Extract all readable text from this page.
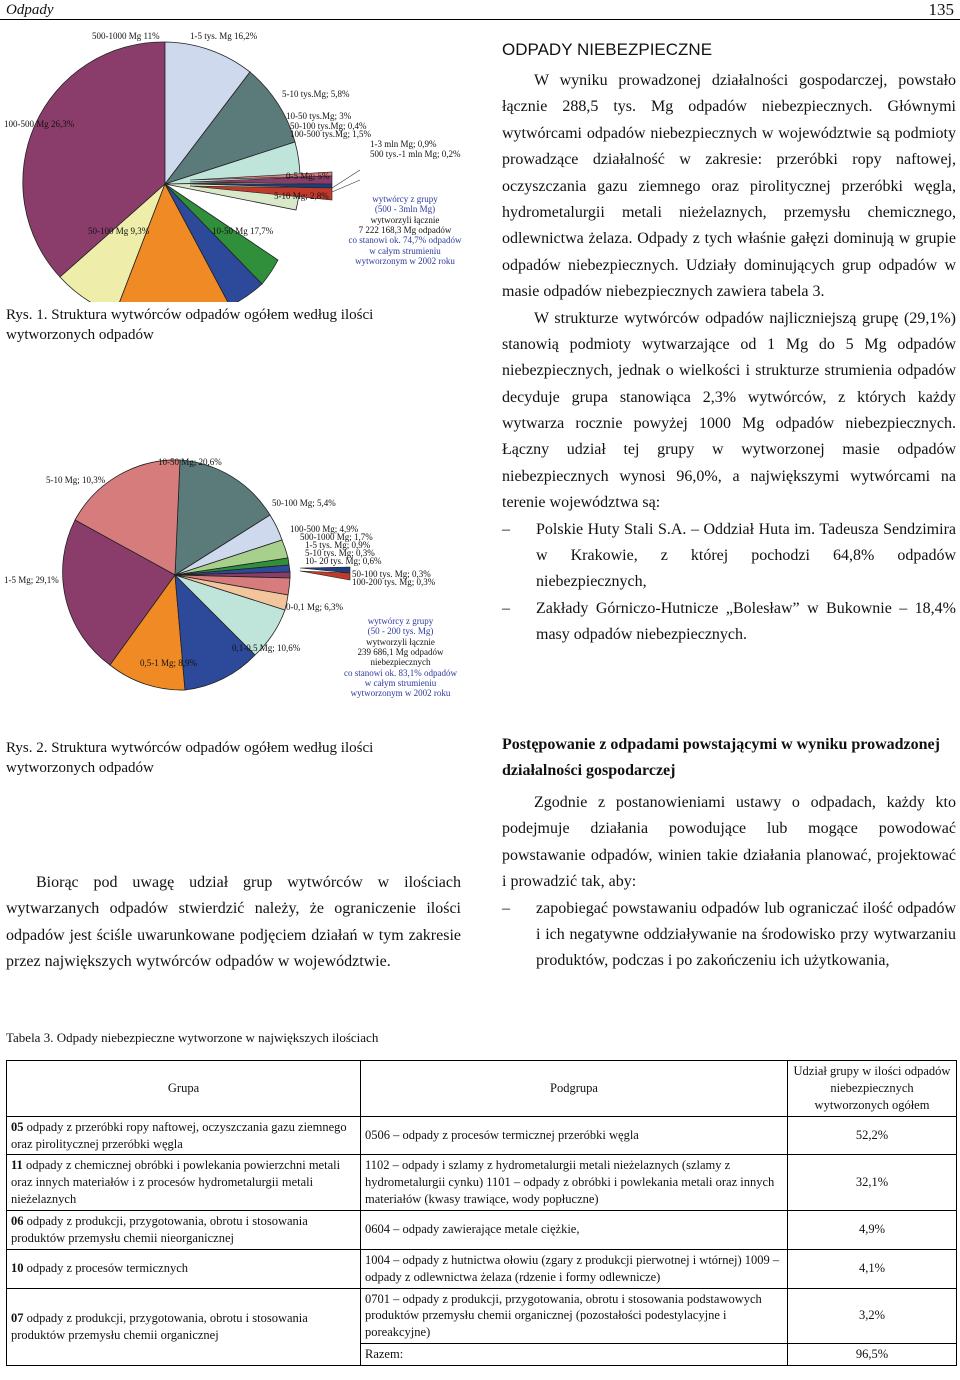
Odpady	135
500-1000 Mg 11%	1-5 tys. Mg 16,2%
100-500 Mg 26,3%
5-10 tys.Mg; 5,8%
10-50 tys.Mg; 3%
50-100 tys.Mg; 0,4%
100-500 tys.Mg; 1,5%
1-3 mln Mg; 0,9%
500 tys.-1 mln Mg; 0,2%
0-5 Mg; 5%
5-10 Mg; 2,8%
50-100 Mg 9,3%	10-50 Mg 17,7%
wytwórcy z grupy
(500 - 3mln Mg)
wytworzyli łącznie
7 222 168,3 Mg odpadów
co stanowi ok. 74,7% odpadów
w całym strumieniu
wytworzonym w 2002 roku
Rys. 1. Struktura wytwórców odpadów ogółem według ilości wytworzonych odpadów
10-50 Mg; 20,6%
5-10 Mg; 10,3%
50-100 Mg; 5,4%
100-500 Mg; 4,9%
500-1000 Mg; 1,7%
1-5 tys. Mg; 0,9%
5-10 tys. Mg; 0,3%
10- 20 tys. Mg; 0,6%
1-5 Mg; 29,1%
50-100 tys. Mg; 0,3%
100-200 tys. Mg; 0,3%
0-0,1 Mg; 6,3%
0,1-0,5 Mg; 10,6%
0,5-1 Mg; 8,9%
wytwórcy z grupy
(50 - 200 tys. Mg)
wytworzyli łącznie
239 686,1 Mg odpadów
niebezpiecznych
co stanowi ok. 83,1% odpadów
w całym strumieniu
wytworzonym w 2002 roku
Rys. 2. Struktura wytwórców odpadów ogółem według ilości wytworzonych odpadów
Biorąc pod uwagę udział grup wytwórców w ilościach wytwarzanych odpadów stwierdzić należy, że ograniczenie ilości odpadów jest ściśle uwarunkowane podjęciem działań w tym zakresie przez największych wytwórców odpadów w województwie.
ODPADY NIEBEZPIECZNE

W wyniku prowadzonej działalności gospodarczej, powstało łącznie 288,5 tys. Mg odpadów niebezpiecznych. Głównymi wytwórcami odpadów niebezpiecznych w województwie są podmioty prowadzące działalność w zakresie: przeróbki ropy naftowej, oczyszczania gazu ziemnego oraz pirolitycznej przeróbki węgla, hydrometalurgii metali nieżelaznych, przemysłu chemicznego, odlewnictwa żelaza. Odpady z tych właśnie gałęzi dominują w grupie odpadów niebezpiecznych. Udziały dominujących grup odpadów w masie odpadów niebezpiecznych zawiera tabela 3.

W strukturze wytwórców odpadów najliczniejszą grupę (29,1%) stanowią podmioty wytwarzające od 1 Mg do 5 Mg odpadów niebezpiecznych, jednak o wielkości i strukturze strumienia odpadów decyduje grupa stanowiąca 2,3% wytwórców, z których każdy wytwarza rocznie powyżej 1000 Mg odpadów niebezpiecznych. Łączny udział tej grupy w wytworzonej masie odpadów niebezpiecznych wynosi 96,0%, a największymi wytwórcami na terenie województwa są:

–	Polskie Huty Stali S.A. – Oddział Huta im. Tadeusza Sendzimira w Krakowie, z której pochodzi 64,8% odpadów niebezpiecznych,
–	Zakłady Górniczo-Hutnicze „Bolesław” w Bukownie – 18,4% masy odpadów niebezpiecznych.
Postępowanie z odpadami powstającymi w wyniku prowadzonej działalności gospodarczej

Zgodnie z postanowieniami ustawy o odpadach, każdy kto podejmuje działania powodujące lub mogące powodować powstawanie odpadów, winien takie działania planować, projektować i prowadzić tak, aby:

–	zapobiegać powstawaniu odpadów lub ograniczać ilość odpadów i ich negatywne oddziaływanie na środowisko przy wytwarzaniu produktów, podczas i po zakończeniu ich użytkowania,
Tabela 3. Odpady niebezpieczne wytworzone w największych ilościach
Grupa	Podgrupa	Udział grupy w ilości odpadów niebezpiecznych wytworzonych ogółem
05 odpady z przeróbki ropy naftowej, oczyszczania gazu ziemnego oraz pirolitycznej przeróbki węgla	0506 – odpady z procesów termicznej przeróbki węgla	52,2%
11 odpady z chemicznej obróbki i powlekania powierzchni metali oraz innych materiałów i z procesów hydrometalurgii metali nieżelaznych	1102 – odpady i szlamy z hydrometalurgii metali nieżelaznych (szlamy z hydrometalurgii cynku) 1101 – odpady z obróbki i powlekania metali oraz innych materiałów (kwasy trawiące, wody popłuczne)	32,1%
06 odpady z produkcji, przygotowania, obrotu i stosowania produktów przemysłu chemii nieorganicznej	0604 – odpady zawierające metale ciężkie,	4,9%
10 odpady z procesów termicznych	1004 – odpady z hutnictwa ołowiu (zgary z produkcji pierwotnej i wtórnej) 1009 – odpady z odlewnictwa żelaza (rdzenie i formy odlewnicze)	4,1%
07 odpady z produkcji, przygotowania, obrotu i stosowania produktów przemysłu chemii organicznej	0701 – odpady z produkcji, przygotowania, obrotu i stosowania podstawowych produktów przemysłu chemii organicznej (pozostałości podestylacyjne i poreakcyjne)	3,2%
	Razem:	96,5%
